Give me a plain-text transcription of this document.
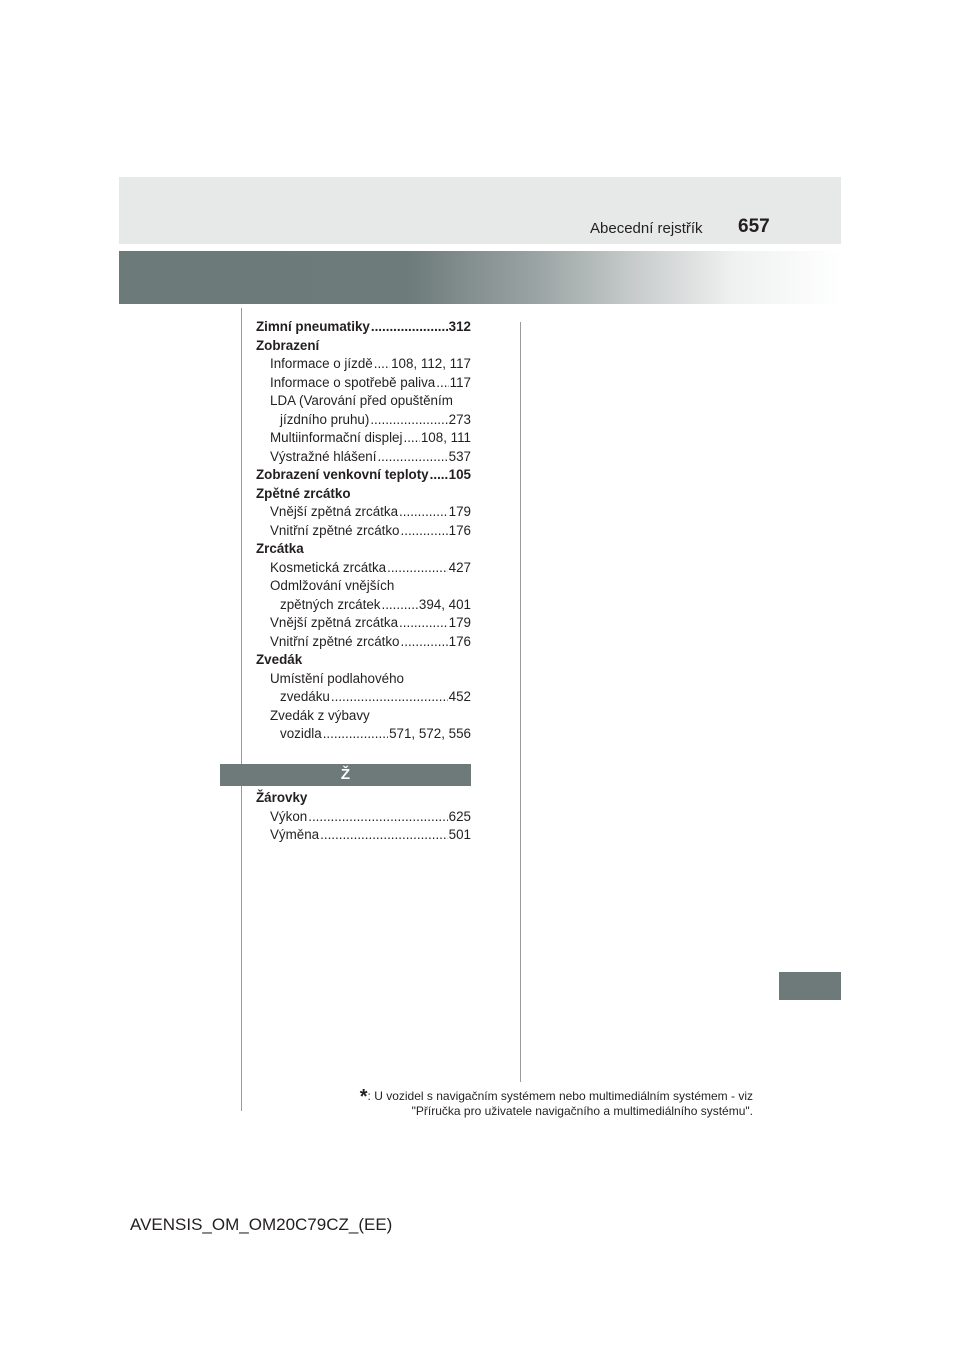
Abecední rejstřík 657
Zimní pneumatiky .....	312
Zobrazení
Informace o jízdě ..... 108, 112, 117
Informace o spotřebě paliva ..... 117
LDA (Varování před opuštěním
jízdního pruhu) .....	273
Multiinformační displej ..... 108, 111
Výstražné hlášení .....	537
Zobrazení venkovní teploty ..... 105
Zpětné zrcátko
Vnější zpětná zrcátka .....	179
Vnitřní zpětné zrcátko .....	176
Zrcátka
Kosmetická zrcátka .....	427
Odmlžování vnějších
zpětných zrcátek .....	394, 401
Vnější zpětná zrcátka .....	179
Vnitřní zpětné zrcátko .....	176
Zvedák
Umístění podlahového
zvedáku .....	452
Zvedák z výbavy
vozidla .....	571, 572, 556
Ž
Žárovky
Výkon .....	625
Výměna .....	501
*: U vozidel s navigačním systémem nebo multimediálním systémem - viz
"Příručka pro uživatele navigačního a multimediálního systému".
AVENSIS_OM_OM20C79CZ_(EE)
